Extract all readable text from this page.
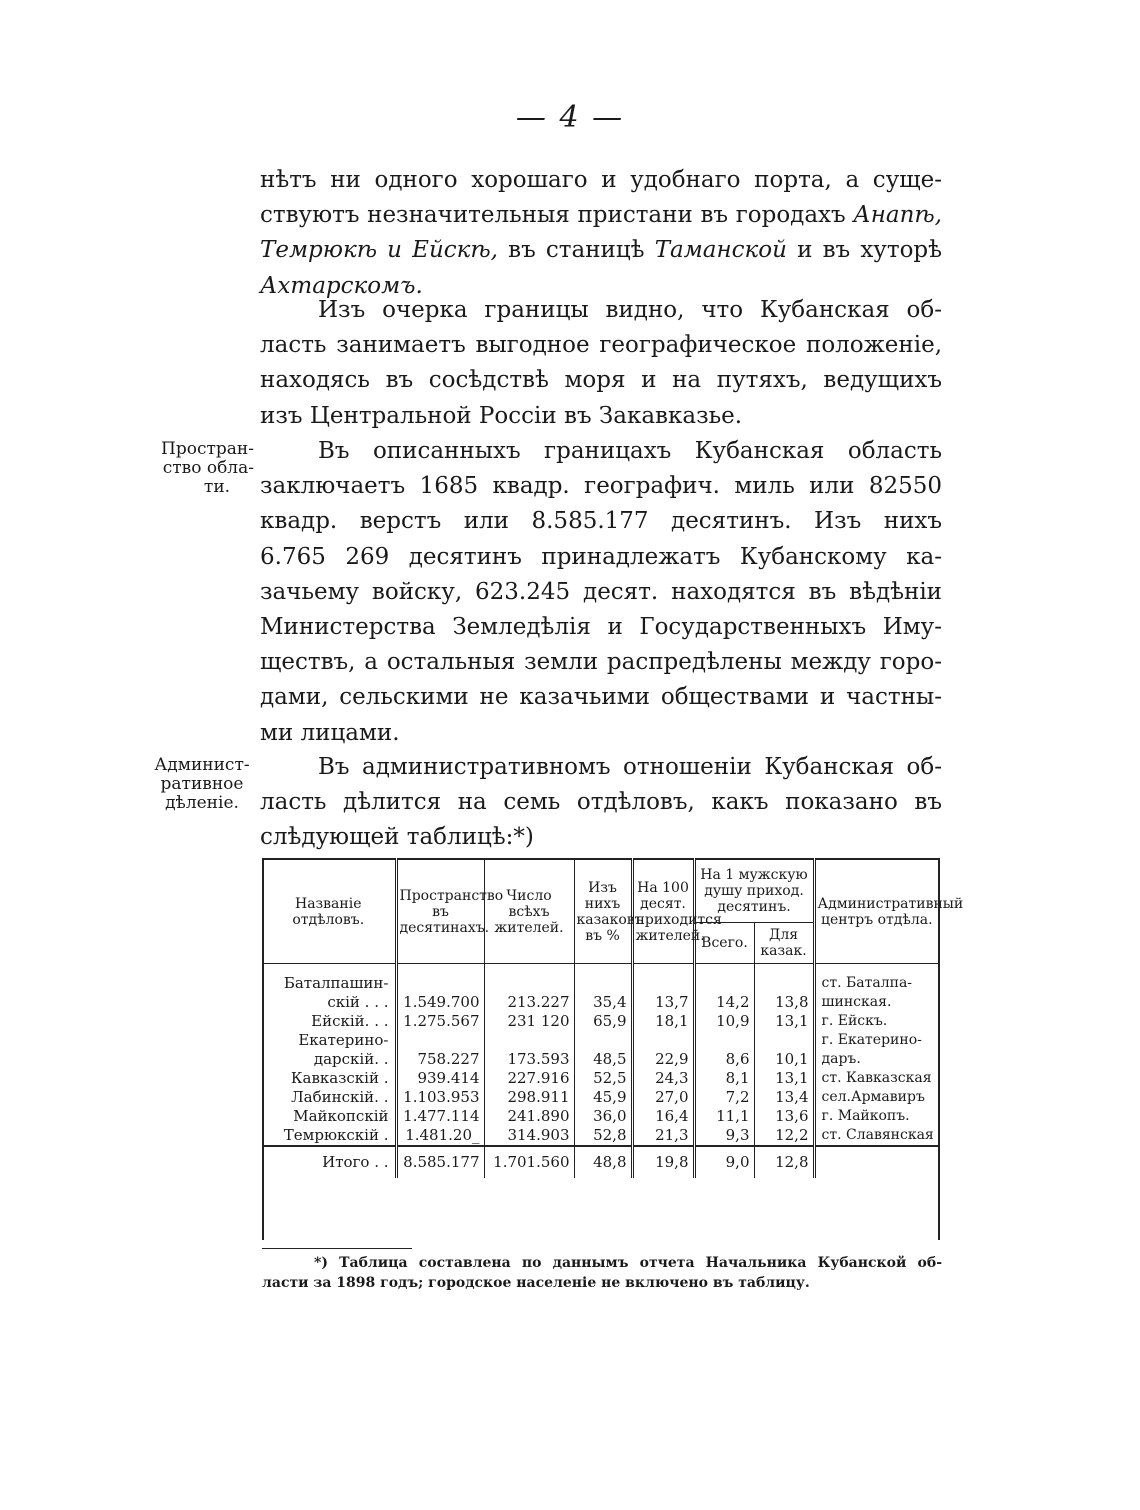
— 4 —
нѣтъ ни одного хорошаго и удобнаго порта, а суще-
ствуютъ незначительныя пристани въ городахъ Анапѣ,
Темрюкѣ и Ейскѣ, въ станицѣ Таманской и въ хуторѣ
Ахтарскомъ.
Изъ очерка границы видно, что Кубанская об-
ласть занимаетъ выгодное географическое положеніе,
находясь въ сосѣдствѣ моря и на путяхъ, ведущихъ
изъ Центральной Россіи въ Закавказье.
Простран-
ство обла-
ти.
Въ описанныхъ границахъ Кубанская область
заключаетъ 1685 квадр. географич. миль или 82550
квадр. верстъ или 8.585.177 десятинъ. Изъ нихъ
6.765 269 десятинъ принадлежатъ Кубанскому ка-
зачьему войску, 623.245 десят. находятся въ вѣдѣніи
Министерства Земледѣлія и Государственныхъ Иму-
ществъ, а остальныя земли распредѣлены между горо-
дами, сельскими не казачьими обществами и частны-
ми лицами.
Админист-
ративное
дѣленіе.
Въ административномъ отношеніи Кубанская об-
ласть дѣлится на семь отдѣловъ, какъ показано въ
слѣдующей таблицѣ:*)
Названіе отдѣловъ.	Пространство въ десятинахъ.	Число всѣхъ жителей.	Изъ нихъ казаковъ въ %	На 100 десят. приходится жителей.	На 1 мужскую душу приход. десятинъ.		Административный центръ отдѣла.
					Всего.	Для казак.	

Баталпашин-
скій . . .	1.549.700	213.227	35,4	13,7	14,2	13,8	ст. Баталпа-
шинская.

Ейскій. . .	1.275.567	231 120	65,9	18,1	10,9	13,1	г. Ейскъ.

Екатерино-
дарскій. .	758.227	173.593	48,5	22,9	8,6	10,1	г. Екатерино-
даръ.

Кавказскій .	939.414	227.916	52,5	24,3	8,1	13,1	ст. Кавказская
Лабинскій. .	1.103.953	298.911	45,9	27,0	7,2	13,4	сел.Армавиръ
Майкопскій	1.477.114	241.890	36,0	16,4	11,1	13,6	г. Майкопъ.
Темрюкскій .	1.481.20_	314.903	52,8	21,3	9,3	12,2	ст. Славянская
Итого . .	8.585.177	1.701.560	48,8	19,8	9,0	12,8	
*) Таблица составлена по даннымъ отчета Начальника Кубанской об-
ласти за 1898 годъ; городское населеніе не включено въ таблицу.
